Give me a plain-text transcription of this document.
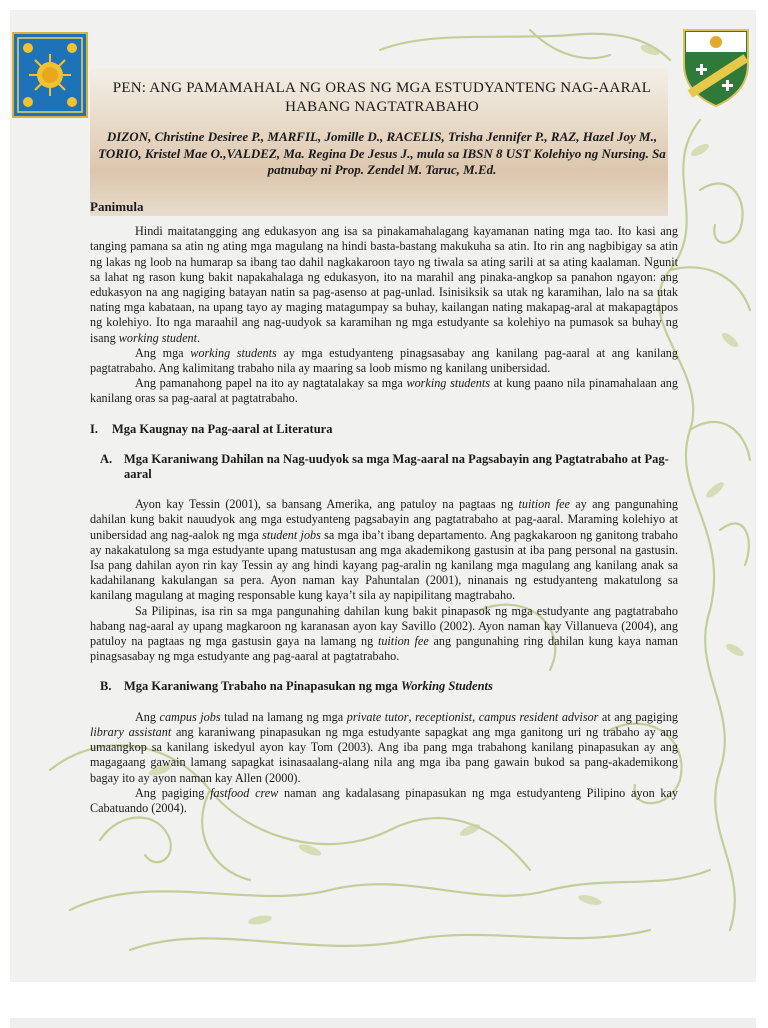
PEN: ANG PAMAMAHALA NG ORAS NG MGA ESTUDYANTENG NAG-AARAL HABANG NAGTATRABAHO
DIZON, Christine Desiree P., MARFIL, Jomille D., RACELIS, Trisha Jennifer P., RAZ, Hazel Joy M., TORIO, Kristel Mae O.,VALDEZ, Ma. Regina De Jesus J., mula sa IBSN 8 UST Kolehiyo ng Nursing. Sa patnubay ni Prop. Zendel M. Taruc, M.Ed.
Panimula

Hindi maitatangging ang edukasyon ang isa sa pinakamahalagang kayamanan nating mga tao. Ito kasi ang tanging pamana sa atin ng ating mga magulang na hindi basta-bastang makukuha sa atin. Ito rin ang nagbibigay sa atin ng lakas ng loob na humarap sa ibang tao dahil nagkakaroon tayo ng tiwala sa ating sarili at sa ating kaalaman. Ngunit sa lahat ng rason kung bakit napakahalaga ng edukasyon, ito na marahil ang pinaka-angkop sa panahon ngayon: ang edukasyon na ang nagiging batayan natin sa pag-asenso at pag-unlad. Isinisiksik sa utak ng karamihan, lalo na sa utak nating mga kabataan, na upang tayo ay maging matagumpay sa buhay, kailangan nating makapag-aral at makapagtapos ng kolehiyo. Ito nga maraahil ang nag-uudyok sa karamihan ng mga estudyante sa kolehiyo na pumasok sa buhay ng isang working student.

Ang mga working students ay mga estudyanteng pinagsasabay ang kanilang pag-aaral at ang kanilang pagtatrabaho. Ang kalimitang trabaho nila ay maaring sa loob mismo ng kanilang unibersidad.

Ang pamanahong papel na ito ay nagtatalakay sa mga working students at kung paano nila pinamahalaan ang kanilang oras sa pag-aaral at pagtatrabaho.

I.	Mga Kaugnay na Pag-aaral at Literatura
A. Mga Karaniwang Dahilan na Nag-uudyok sa mga Mag-aaral na Pagsabayin ang Pagtatrabaho at Pag-aaral

Ayon kay Tessin (2001), sa bansang Amerika, ang patuloy na pagtaas ng tuition fee ay ang pangunahing dahilan kung bakit nauudyok ang mga estudyanteng pagsabayin ang pagtatrabaho at pag-aaral. Maraming kolehiyo at unibersidad ang nag-aalok ng mga student jobs sa mga iba’t ibang departamento. Ang pagkakaroon ng ganitong trabaho ay nakakatulong sa mga estudyante upang matustusan ang mga akademikong gastusin at iba pang personal na gastusin. Isa pang dahilan ayon rin kay Tessin ay ang hindi kayang pag-aralin ng kanilang mga magulang ang kanilang anak sa kadahilanang kakulangan sa pera. Ayon naman kay Pahuntalan (2001), ninanais ng estudyanteng makatulong sa kanilang magulang at maging responsable kung kaya’t sila ay napipilitang magtrabaho.

Sa Pilipinas, isa rin sa mga pangunahing dahilan kung bakit pinapasok ng mga estudyante ang pagtatrabaho habang nag-aaral ay upang magkaroon ng karanasan ayon kay Savillo (2002). Ayon naman kay Villanueva (2004), ang patuloy na pagtaas ng mga gastusin gaya na lamang ng tuition fee ang pangunahing ring dahilan kung kaya naman pinagsasabay ng mga estudyante ang pag-aaral at pagtatrabaho.

B.	Mga Karaniwang Trabaho na Pinapasukan ng mga Working Students

Ang campus jobs tulad na lamang ng mga private tutor, receptionist, campus resident advisor at ang pagiging library assistant ang karaniwang pinapasukan ng mga estudyante sapagkat ang mga ganitong uri ng trabaho ay ang umaangkop sa kanilang iskedyul ayon kay Tom (2003). Ang iba pang mga trabahong kanilang pinapasukan ay ang magagaang gawain lamang sapagkat isinasaalang-alang nila ang mga iba pang gawain bukod sa pang-akademikong bagay ito ay ayon naman kay Allen (2000).

Ang pagiging fastfood crew naman ang kadalasang pinapasukan ng mga estudyanteng Pilipino ayon kay Cabatuando (2004).
